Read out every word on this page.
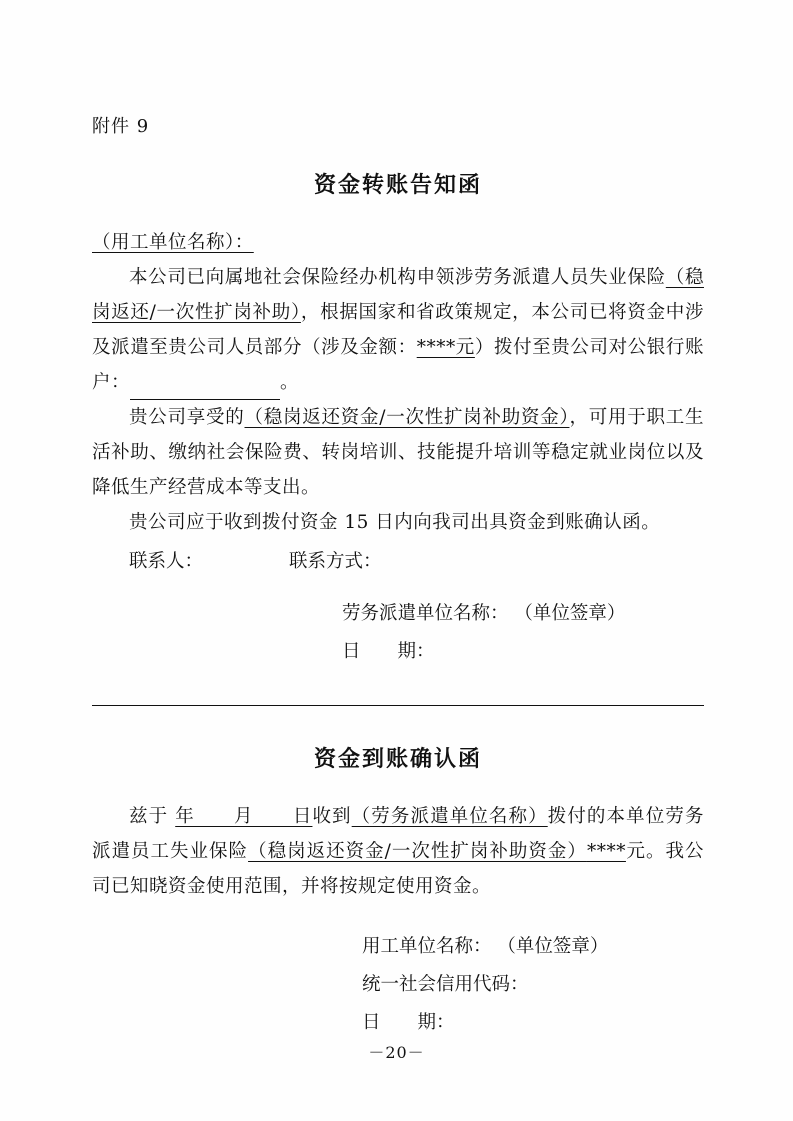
附件 9
资金转账告知函
（用工单位名称）：
本公司已向属地社会保险经办机构申领涉劳务派遣人员失业保险（稳岗返还/一次性扩岗补助），根据国家和省政策规定，本公司已将资金中涉及派遣至贵公司人员部分（涉及金额：****元）拨付至贵公司对公银行账户：	。
贵公司享受的（稳岗返还资金/一次性扩岗补助资金），可用于职工生活补助、缴纳社会保险费、转岗培训、技能提升培训等稳定就业岗位以及降低生产经营成本等支出。
贵公司应于收到拨付资金 15 日内向我司出具资金到账确认函。
联系人：	联系方式：
劳务派遣单位名称： （单位签章）
日　　期：
资金到账确认函
兹于 年　　月　　日收到（劳务派遣单位名称）拨付的本单位劳务派遣员工失业保险（稳岗返还资金/一次性扩岗补助资金）****元。我公司已知晓资金使用范围，并将按规定使用资金。
用工单位名称： （单位签章）
统一社会信用代码：
日　　期：
－20－
